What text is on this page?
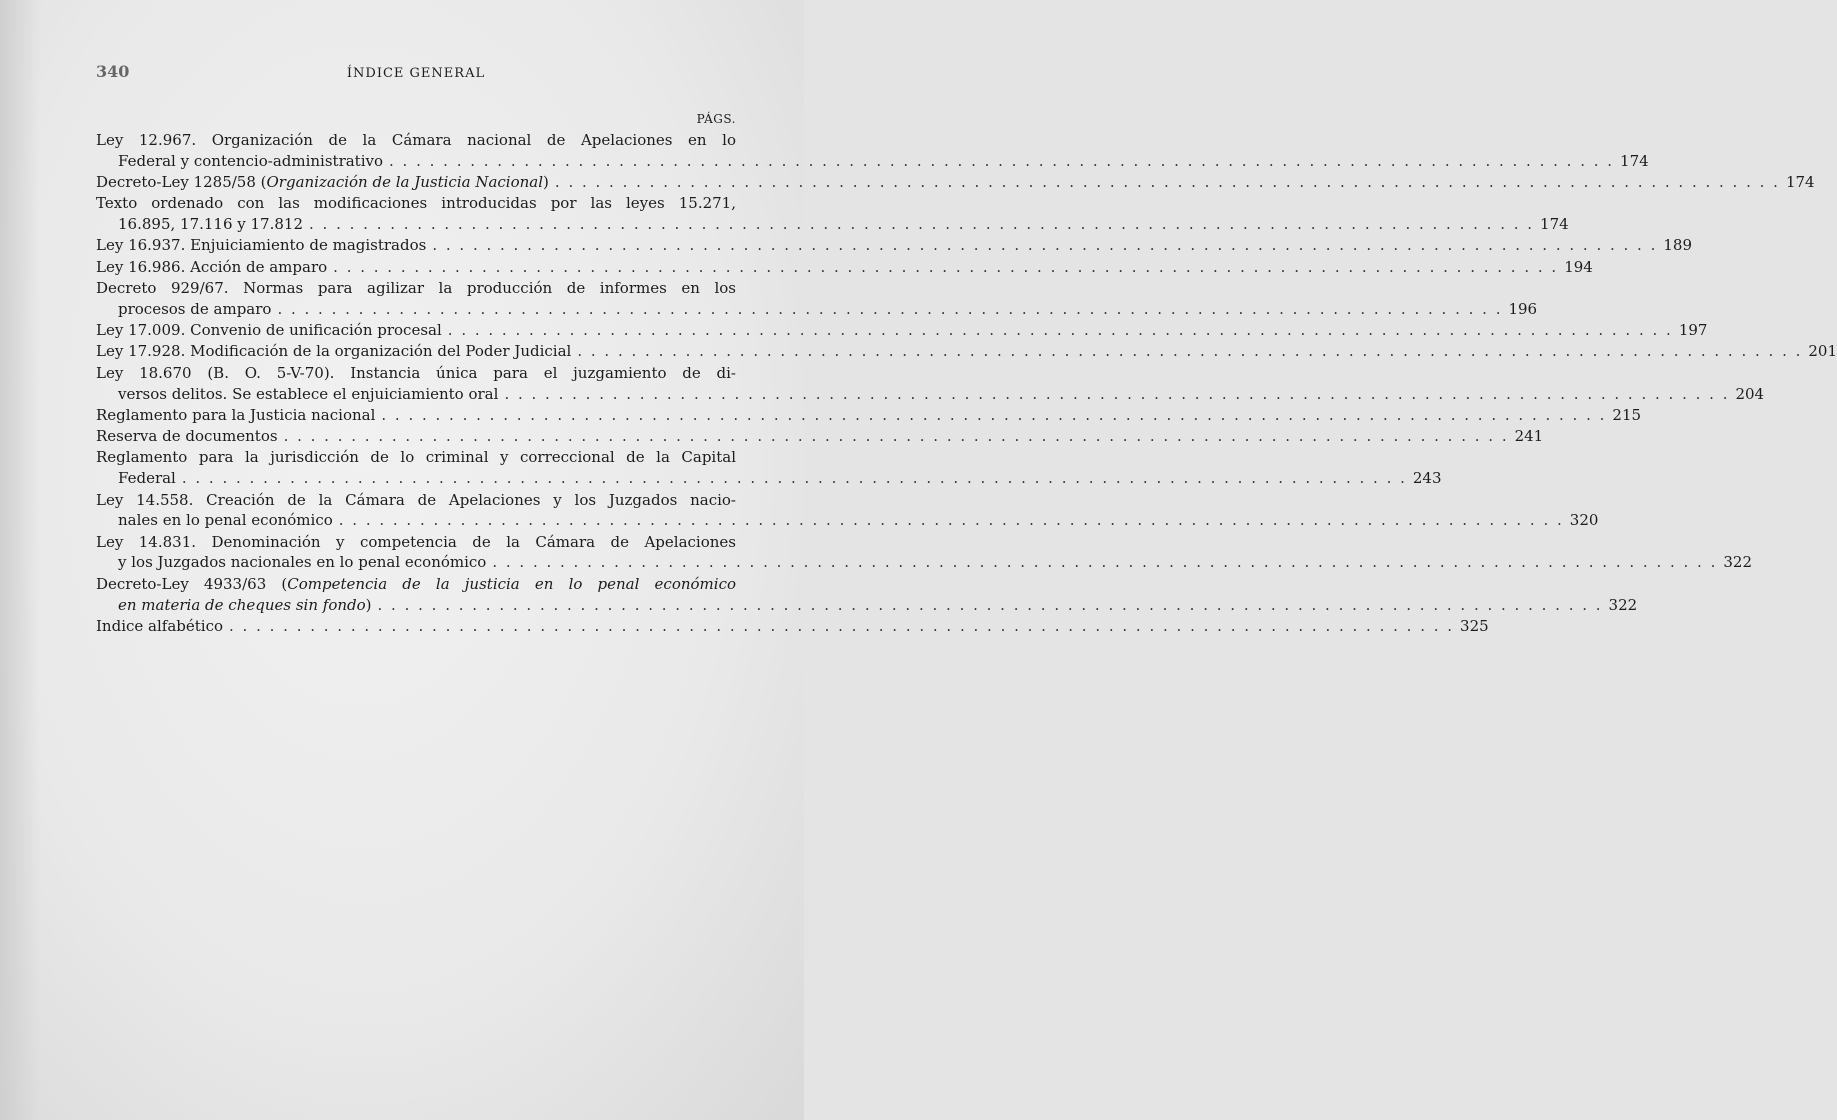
340	ÍNDICE GENERAL
PÁGS.
Ley 12.967. Organización de la Cámara nacional de Apelaciones en lo
Federal y contencio-administrativo . . .	174
Decreto-Ley 1285/58 (Organización de la Justicia Nacional) . . .	174
Texto ordenado con las modificaciones introducidas por las leyes 15.271,
16.895, 17.116 y 17.812 . . .	174
Ley 16.937. Enjuiciamiento de magistrados . . .	189
Ley 16.986. Acción de amparo . . .	194
Decreto 929/67. Normas para agilizar la producción de informes en los
procesos de amparo . . .	196
Ley 17.009. Convenio de unificación procesal . . .	197
Ley 17.928. Modificación de la organización del Poder Judicial . . .	201
Ley 18.670 (B. O. 5-V-70). Instancia única para el juzgamiento de di-
versos delitos. Se establece el enjuiciamiento oral . . .	204
Reglamento para la Justicia nacional . . .	215
Reserva de documentos . . .	241
Reglamento para la jurisdicción de lo criminal y correccional de la Capital
Federal . . .	243
Ley 14.558. Creación de la Cámara de Apelaciones y los Juzgados nacio-
nales en lo penal económico . . .	320
Ley 14.831. Denominación y competencia de la Cámara de Apelaciones
y los Juzgados nacionales en lo penal económico . . .	322
Decreto-Ley 4933/63 (Competencia de la justicia en lo penal económico
en materia de cheques sin fondo) . . .	322
Indice alfabético . . .	325
